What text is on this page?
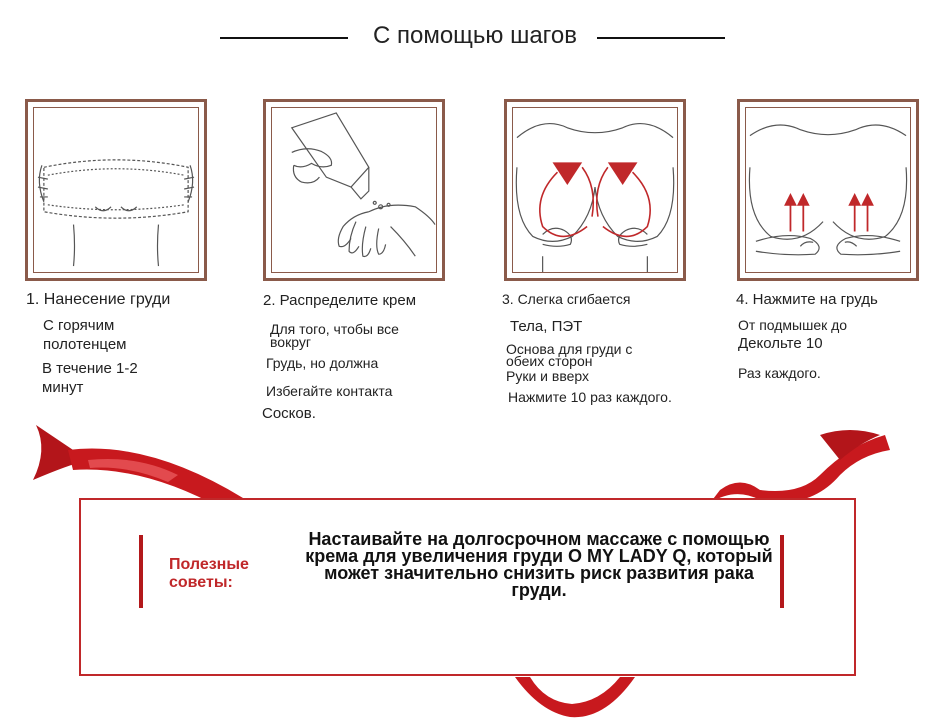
С помощью шагов
1. Нанесение груди
С горячим
полотенцем
В течение 1-2
минут
2. Распределите крем
Для того, чтобы все
вокруг
Грудь, но должна
Избегайте контакта
Сосков.
3. Слегка сгибается
Тела, ПЭТ
Основа для груди с
обеих сторон
Руки и вверх
Нажмите 10 раз каждого.
4. Нажмите на грудь
От подмышек до
Декольте 10
Раз каждого.
Полезные
советы:
Настаивайте на долгосрочном массаже с помощью крема для увеличения груди O MY LADY Q, который может значительно снизить риск развития рака груди.
